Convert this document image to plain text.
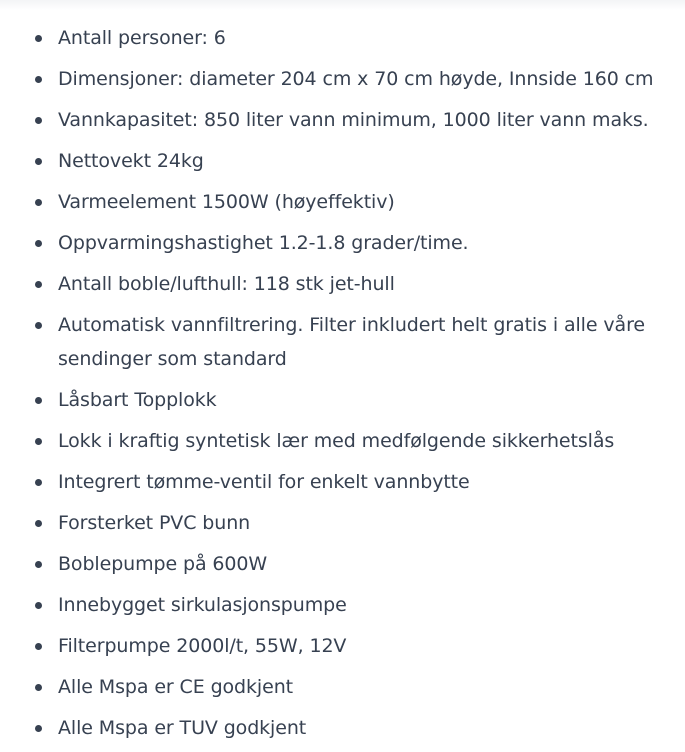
Antall personer: 6
Dimensjoner: diameter 204 cm x 70 cm høyde, Innside 160 cm
Vannkapasitet: 850 liter vann minimum, 1000 liter vann maks.
Nettovekt 24kg
Varmeelement 1500W (høyeffektiv)
Oppvarmingshastighet 1.2-1.8 grader/time.
Antall boble/lufthull: 118 stk jet-hull
Automatisk vannfiltrering. Filter inkludert helt gratis i alle våre sendinger som standard
Låsbart Topplokk
Lokk i kraftig syntetisk lær med medfølgende sikkerhetslås
Integrert tømme-ventil for enkelt vannbytte
Forsterket PVC bunn
Boblepumpe på 600W
Innebygget sirkulasjonspumpe
Filterpumpe 2000l/t, 55W, 12V
Alle Mspa er CE godkjent
Alle Mspa er TUV godkjent
